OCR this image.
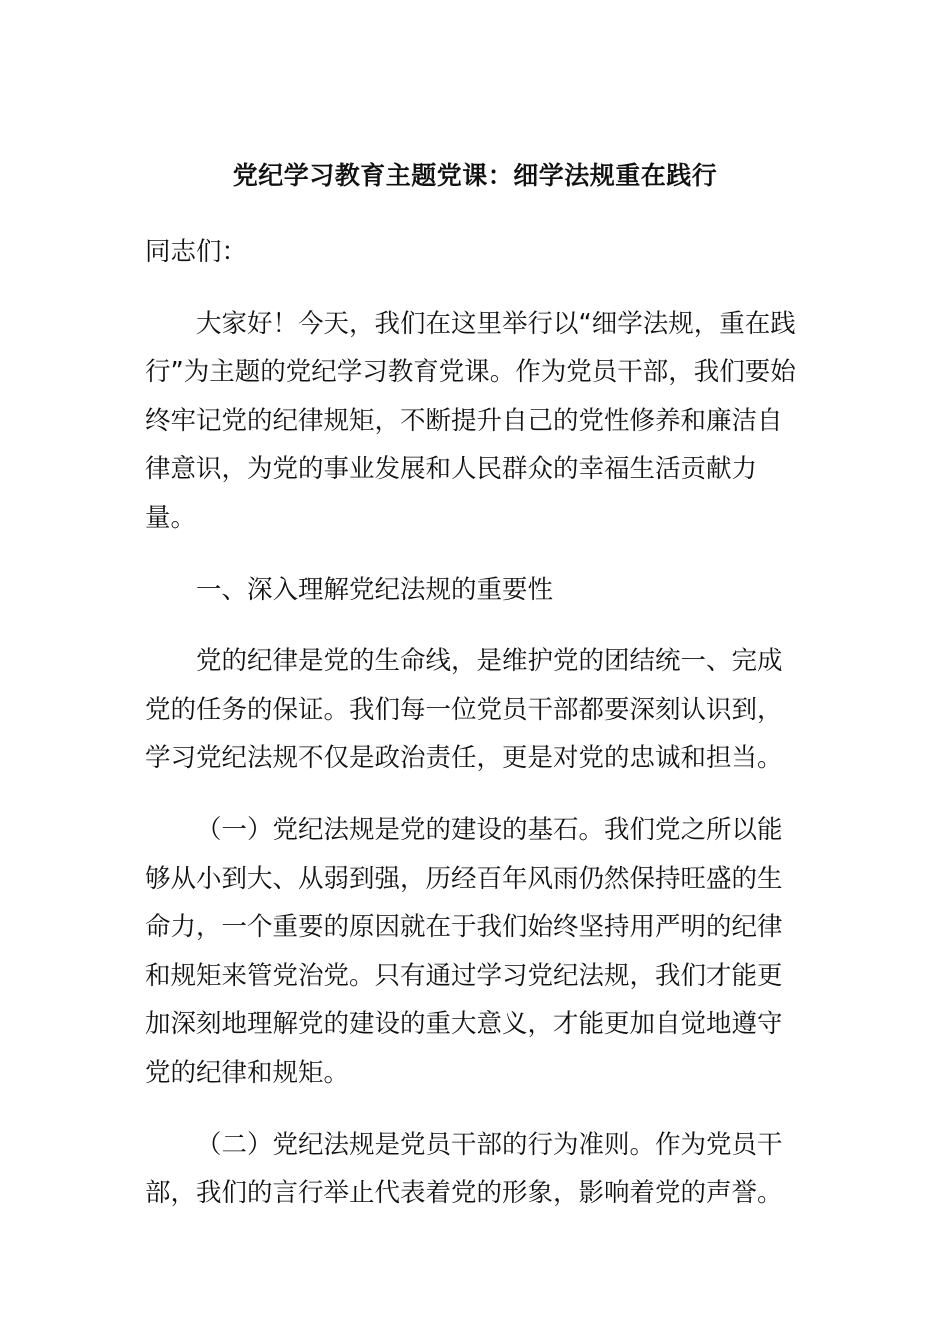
党纪学习教育主题党课：细学法规重在践行

同志们：

大家好！今天，我们在这里举行以“细学法规，重在践行”为主题的党纪学习教育党课。作为党员干部，我们要始终牢记党的纪律规矩，不断提升自己的党性修养和廉洁自律意识，为党的事业发展和人民群众的幸福生活贡献力量。

一、深入理解党纪法规的重要性

党的纪律是党的生命线，是维护党的团结统一、完成党的任务的保证。我们每一位党员干部都要深刻认识到，学习党纪法规不仅是政治责任，更是对党的忠诚和担当。

（一）党纪法规是党的建设的基石。我们党之所以能够从小到大、从弱到强，历经百年风雨仍然保持旺盛的生命力，一个重要的原因就在于我们始终坚持用严明的纪律和规矩来管党治党。只有通过学习党纪法规，我们才能更加深刻地理解党的建设的重大意义，才能更加自觉地遵守党的纪律和规矩。

（二）党纪法规是党员干部的行为准则。作为党员干部，我们的言行举止代表着党的形象，影响着党的声誉。
